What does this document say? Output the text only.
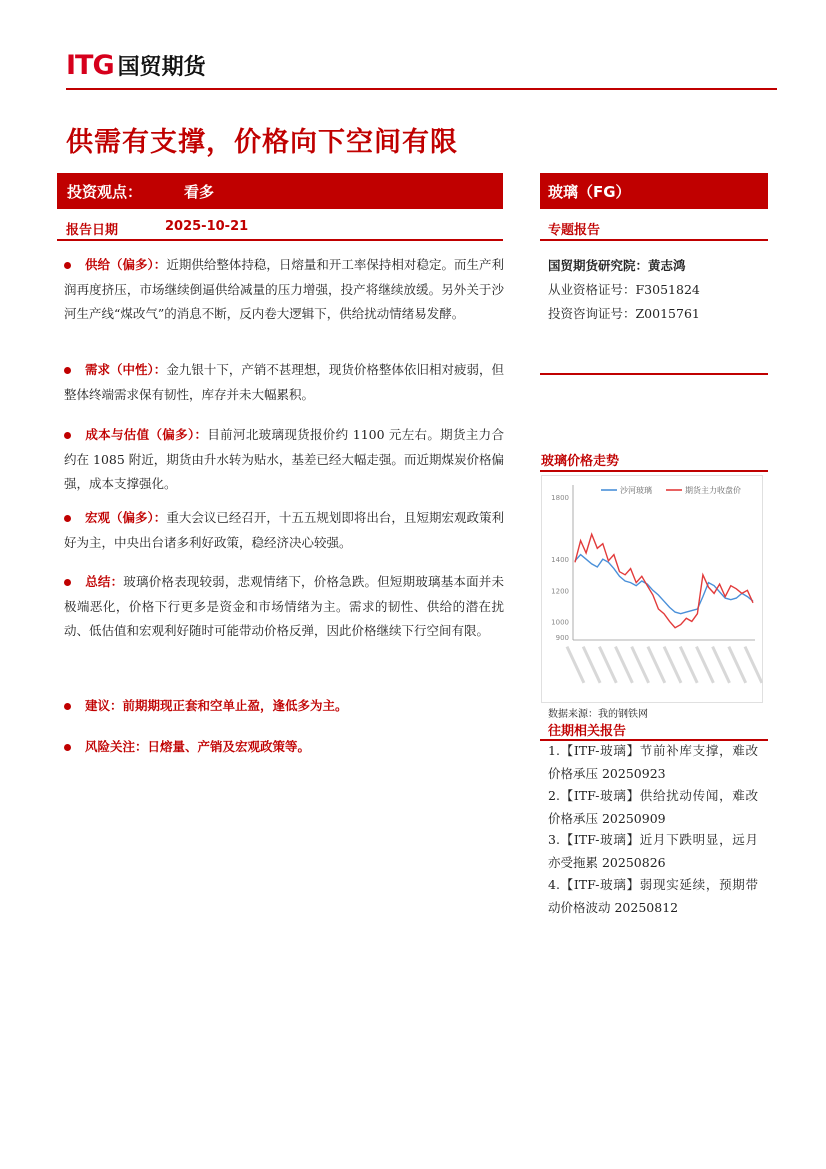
ITG 国贸期货
供需有支撑，价格向下空间有限
投资观点：	看多
报告日期	2025-10-21
玻璃（FG）
专题报告
国贸期货研究院：黄志鸿
从业资格证号：F3051824
投资咨询证号：Z0015761
供给（偏多）：近期供给整体持稳，日熔量和开工率保持相对稳定。而生产利润再度挤压，市场继续倒逼供给减量的压力增强，投产将继续放缓。另外关于沙河生产线“煤改气”的消息不断，反内卷大逻辑下，供给扰动情绪易发酵。
需求（中性）：金九银十下，产销不甚理想，现货价格整体依旧相对疲弱，但整体终端需求保有韧性，库存并未大幅累积。
成本与估值（偏多）：目前河北玻璃现货报价约 1100 元左右。期货主力合约在 1085 附近，期货由升水转为贴水，基差已经大幅走强。而近期煤炭价格偏强，成本支撑强化。
宏观（偏多）：重大会议已经召开，十五五规划即将出台，且短期宏观政策利好为主，中央出台诸多利好政策，稳经济决心较强。
总结：玻璃价格表现较弱，悲观情绪下，价格急跌。但短期玻璃基本面并未极端恶化，价格下行更多是资金和市场情绪为主。需求的韧性、供给的潜在扰动、低估值和宏观利好随时可能带动价格反弹，因此价格继续下行空间有限。
建议：前期期现正套和空单止盈，逢低多为主。
风险关注：日熔量、产销及宏观政策等。
玻璃价格走势
1800
1400
1200
1000
900
沙河玻璃	期货主力收盘价
数据来源：我的钢铁网
往期相关报告
1.【ITF-玻璃】节前补库支撑，难改价格承压 20250923
2.【ITF-玻璃】供给扰动传闻，难改价格承压 20250909
3.【ITF-玻璃】近月下跌明显，远月亦受拖累 20250826
4.【ITF-玻璃】弱现实延续，预期带动价格波动 20250812
